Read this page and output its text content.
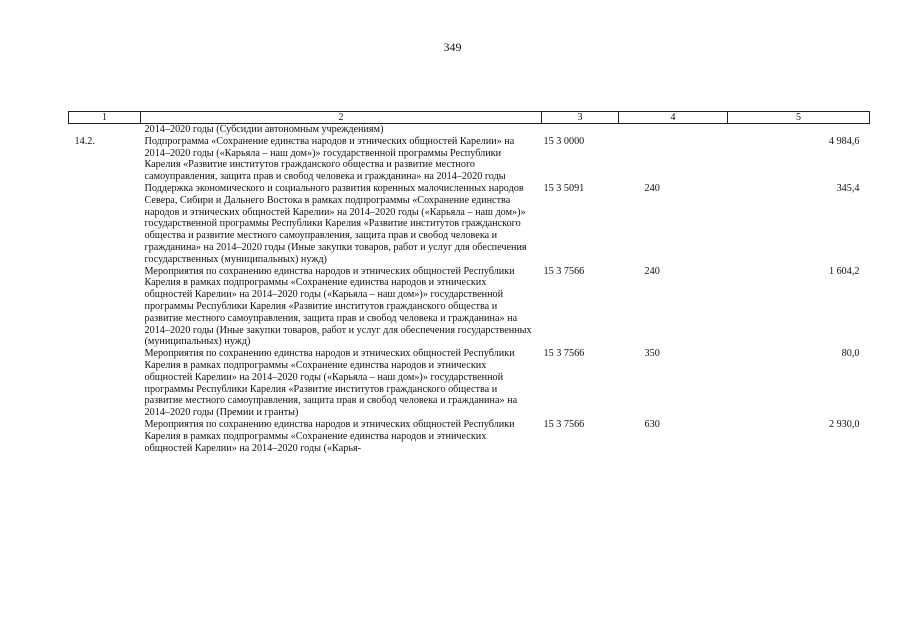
349
1	2	3	4	5
	2014–2020 годы (Субсидии автономным учреждениям)			
14.2.	Подпрограмма «Сохранение единства народов и этнических общностей Карелии» на 2014–2020 годы («Карьяла – наш дом»)» государственной программы Республики Карелия «Развитие институтов гражданского общества и развитие местного самоуправления, защита прав и свобод человека и гражданина» на 2014–2020 годы	15 3 0000		4 984,6
	Поддержка экономического и социального развития коренных малочисленных народов Севера, Сибири и Дальнего Востока в рамках подпрограммы «Сохранение единства народов и этнических общностей Карелии» на 2014–2020 годы («Карьяла – наш дом»)» государственной программы Республики Карелия «Развитие институтов гражданского общества и развитие местного самоуправления, защита прав и свобод человека и гражданина» на 2014–2020 годы (Иные закупки товаров, работ и услуг для обеспечения государственных (муниципальных) нужд)	15 3 5091	240	345,4
	Мероприятия по сохранению единства народов и этнических общностей Республики Карелия в рамках подпрограммы «Сохранение единства народов и этнических общностей Карелии» на 2014–2020 годы («Карьяла – наш дом»)» государственной программы Республики Карелия «Развитие институтов гражданского общества и развитие местного самоуправления, защита прав и свобод человека и гражданина» на 2014–2020 годы (Иные закупки товаров, работ и услуг для обеспечения государственных (муниципальных) нужд)	15 3 7566	240	1 604,2
	Мероприятия по сохранению единства народов и этнических общностей Республики Карелия в рамках подпрограммы «Сохранение единства народов и этнических общностей Карелии» на 2014–2020 годы («Карьяла – наш дом»)» государственной программы Республики Карелия «Развитие институтов гражданского общества и развитие местного самоуправления, защита прав и свобод человека и гражданина» на 2014–2020 годы (Премии и гранты)	15 3 7566	350	80,0
	Мероприятия по сохранению единства народов и этнических общностей Республики Карелия в рамках подпрограммы «Сохранение единства народов и этнических общностей Карелии» на 2014–2020 годы («Карья-	15 3 7566	630	2 930,0
